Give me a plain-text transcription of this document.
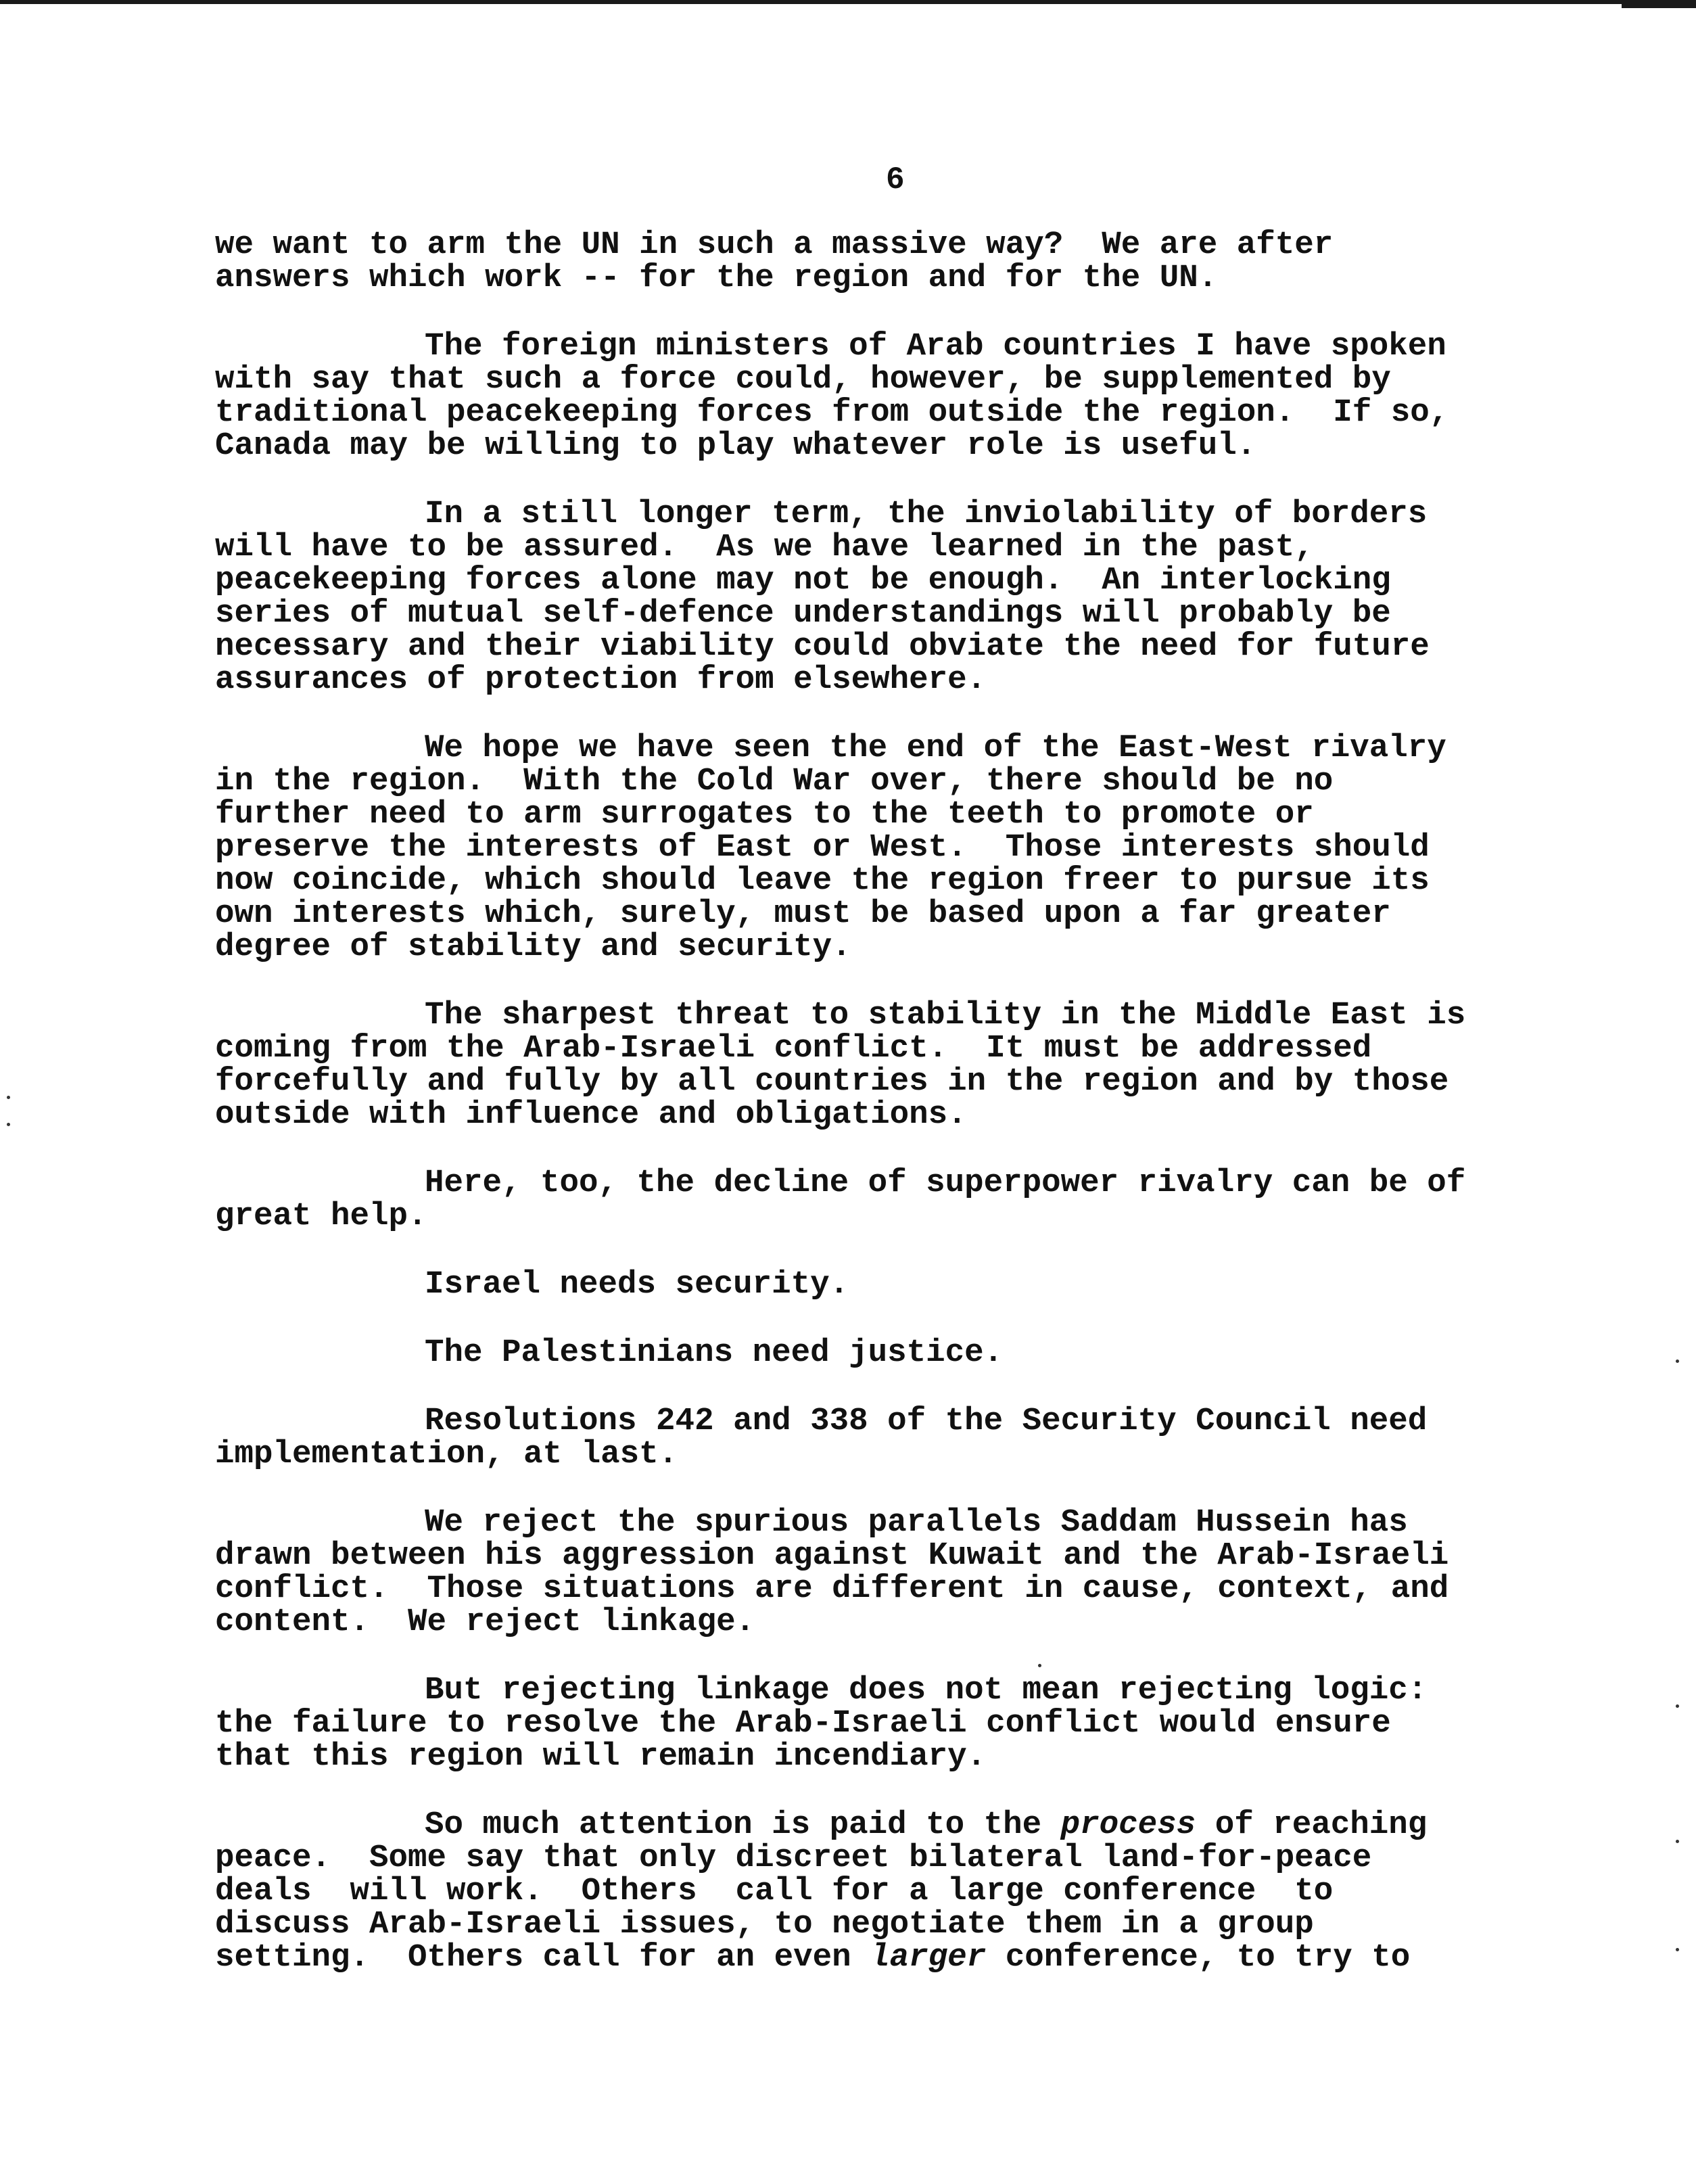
6
we want to arm the UN in such a massive way?  We are after
answers which work -- for the region and for the UN.
The foreign ministers of Arab countries I have spoken
with say that such a force could, however, be supplemented by
traditional peacekeeping forces from outside the region.  If so,
Canada may be willing to play whatever role is useful.
In a still longer term, the inviolability of borders
will have to be assured.  As we have learned in the past,
peacekeeping forces alone may not be enough.  An interlocking
series of mutual self-defence understandings will probably be
necessary and their viability could obviate the need for future
assurances of protection from elsewhere.
We hope we have seen the end of the East-West rivalry
in the region.  With the Cold War over, there should be no
further need to arm surrogates to the teeth to promote or
preserve the interests of East or West.  Those interests should
now coincide, which should leave the region freer to pursue its
own interests which, surely, must be based upon a far greater
degree of stability and security.
The sharpest threat to stability in the Middle East is
coming from the Arab-Israeli conflict.  It must be addressed
forcefully and fully by all countries in the region and by those
outside with influence and obligations.
Here, too, the decline of superpower rivalry can be of
great help.
Israel needs security.
The Palestinians need justice.
Resolutions 242 and 338 of the Security Council need
implementation, at last.
We reject the spurious parallels Saddam Hussein has
drawn between his aggression against Kuwait and the Arab-Israeli
conflict.  Those situations are different in cause, context, and
content.  We reject linkage.
But rejecting linkage does not mean rejecting logic:
the failure to resolve the Arab-Israeli conflict would ensure
that this region will remain incendiary.
So much attention is paid to the process of reaching
peace.  Some say that only discreet bilateral land-for-peace
deals  will work.  Others  call for a large conference  to
discuss Arab-Israeli issues, to negotiate them in a group
setting.  Others call for an even larger conference, to try to
